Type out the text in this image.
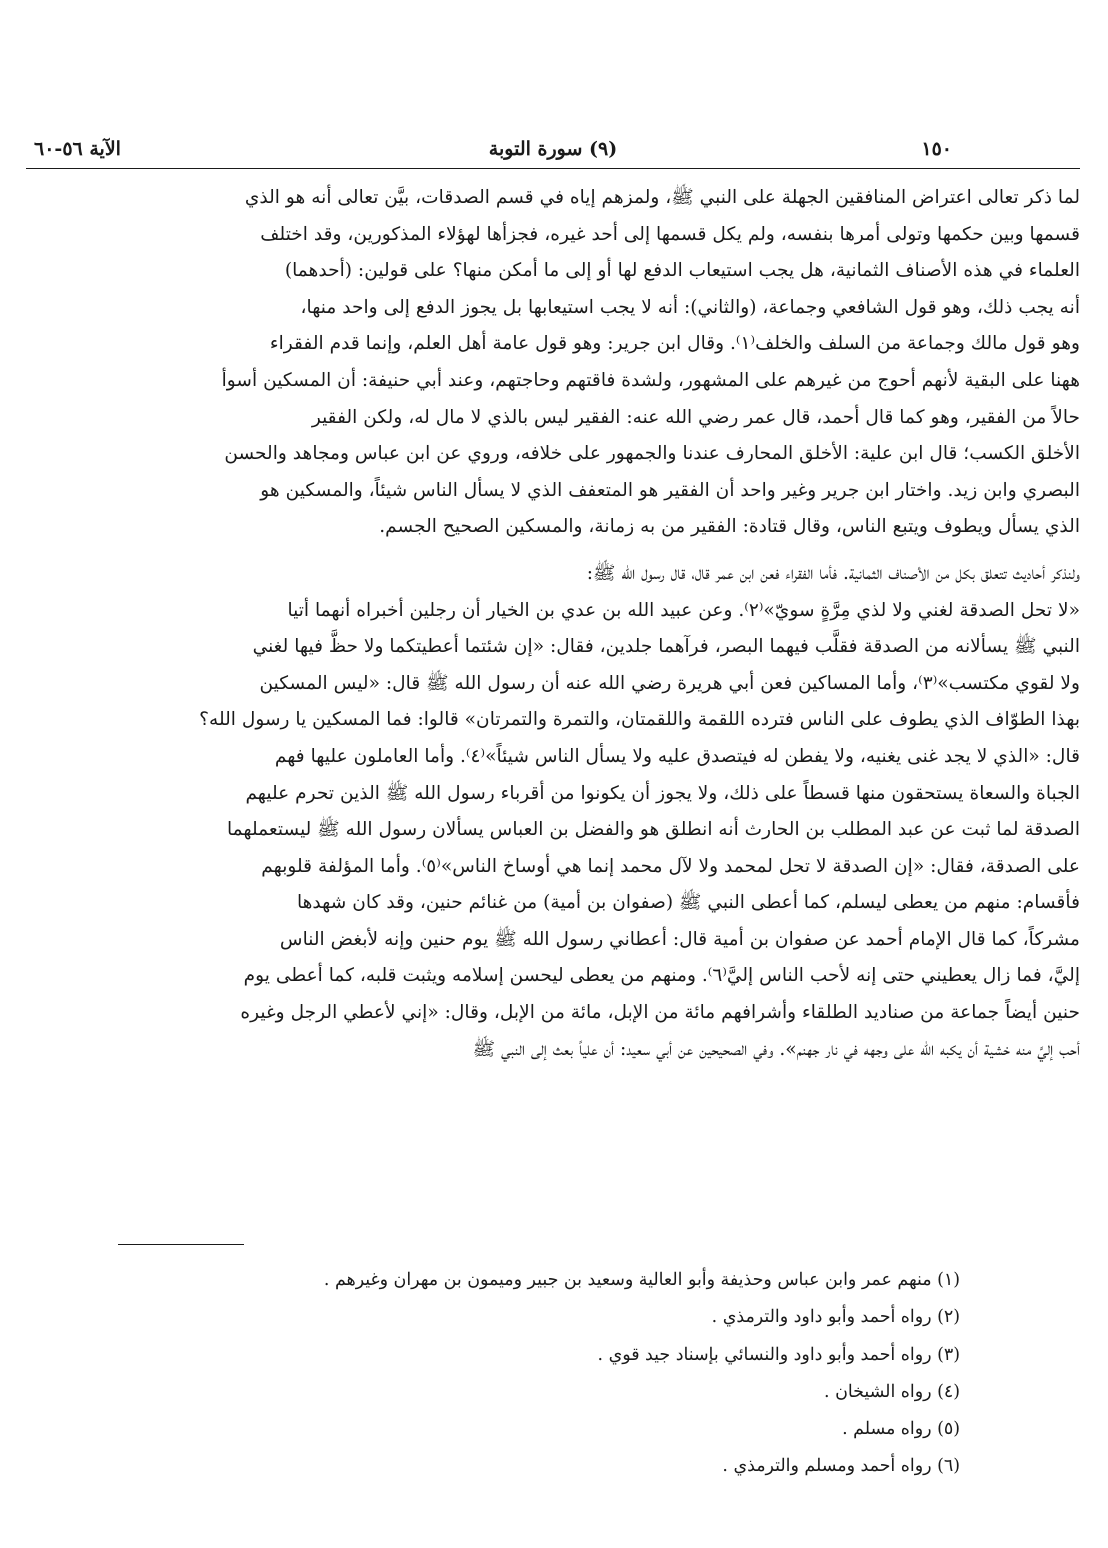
١٥٠
(٩) سورة التوبة
الآية ٥٦-٦٠

لما ذكر تعالى اعتراض المنافقين الجهلة على النبي ﷺ، ولمزهم إياه في قسم الصدقات، بيَّن تعالى أنه هو الذي
قسمها وبين حكمها وتولى أمرها بنفسه، ولم يكل قسمها إلى أحد غيره، فجزأها لهؤلاء المذكورين، وقد اختلف
العلماء في هذه الأصناف الثمانية، هل يجب استيعاب الدفع لها أو إلى ما أمكن منها؟ على قولين: (أحدهما)
أنه يجب ذلك، وهو قول الشافعي وجماعة، (والثاني): أنه لا يجب استيعابها بل يجوز الدفع إلى واحد منها،
وهو قول مالك وجماعة من السلف والخلف⁽١⁾. وقال ابن جرير: وهو قول عامة أهل العلم، وإنما قدم الفقراء
ههنا على البقية لأنهم أحوج من غيرهم على المشهور، ولشدة فاقتهم وحاجتهم، وعند أبي حنيفة: أن المسكين أسوأ
حالاً من الفقير، وهو كما قال أحمد، قال عمر رضي الله عنه: الفقير ليس بالذي لا مال له، ولكن الفقير
الأخلق الكسب؛ قال ابن علية: الأخلق المحارف عندنا والجمهور على خلافه، وروي عن ابن عباس ومجاهد والحسن
البصري وابن زيد. واختار ابن جرير وغير واحد أن الفقير هو المتعفف الذي لا يسأل الناس شيئاً، والمسكين هو
الذي يسأل ويطوف ويتبع الناس، وقال قتادة: الفقير من به زمانة، والمسكين الصحيح الجسم.

ولنذكر أحاديث تتعلق بكل من الأصناف الثمانية. فأما الفقراء فعن ابن عمر قال، قال رسول الله ﷺ:
«لا تحل الصدقة لغني ولا لذي مِرَّةٍ سويّ»⁽٢⁾. وعن عبيد الله بن عدي بن الخيار أن رجلين أخبراه أنهما أتيا
النبي ﷺ يسألانه من الصدقة فقلَّب فيهما البصر، فرآهما جلدين، فقال: «إن شئتما أعطيتكما ولا حظَّ فيها لغني
ولا لقوي مكتسب»⁽٣⁾، وأما المساكين فعن أبي هريرة رضي الله عنه أن رسول الله ﷺ قال: «ليس المسكين
بهذا الطوّاف الذي يطوف على الناس فترده اللقمة واللقمتان، والتمرة والتمرتان» قالوا: فما المسكين يا رسول الله؟
قال: «الذي لا يجد غنى يغنيه، ولا يفطن له فيتصدق عليه ولا يسأل الناس شيئاً»⁽٤⁾. وأما العاملون عليها فهم
الجباة والسعاة يستحقون منها قسطاً على ذلك، ولا يجوز أن يكونوا من أقرباء رسول الله ﷺ الذين تحرم عليهم
الصدقة لما ثبت عن عبد المطلب بن الحارث أنه انطلق هو والفضل بن العباس يسألان رسول الله ﷺ ليستعملهما
على الصدقة، فقال: «إن الصدقة لا تحل لمحمد ولا لآل محمد إنما هي أوساخ الناس»⁽٥⁾. وأما المؤلفة قلوبهم
فأقسام: منهم من يعطى ليسلم، كما أعطى النبي ﷺ (صفوان بن أمية) من غنائم حنين، وقد كان شهدها
مشركاً، كما قال الإمام أحمد عن صفوان بن أمية قال: أعطاني رسول الله ﷺ يوم حنين وإنه لأبغض الناس
إليَّ، فما زال يعطيني حتى إنه لأحب الناس إليَّ⁽٦⁾. ومنهم من يعطى ليحسن إسلامه ويثبت قلبه، كما أعطى يوم
حنين أيضاً جماعة من صناديد الطلقاء وأشرافهم مائة من الإبل، مائة من الإبل، وقال: «إني لأعطي الرجل وغيره
أحب إليَّ منه خشية أن يكبه الله على وجهه في نار جهنم». وفي الصحيحين عن أبي سعيد: أن علياً بعث إلى النبي ﷺ

(١) منهم عمر وابن عباس وحذيفة وأبو العالية وسعيد بن جبير وميمون بن مهران وغيرهم .
(٢) رواه أحمد وأبو داود والترمذي .
(٣) رواه أحمد وأبو داود والنسائي بإسناد جيد قوي .
(٤) رواه الشيخان .
(٥) رواه مسلم .
(٦) رواه أحمد ومسلم والترمذي .
